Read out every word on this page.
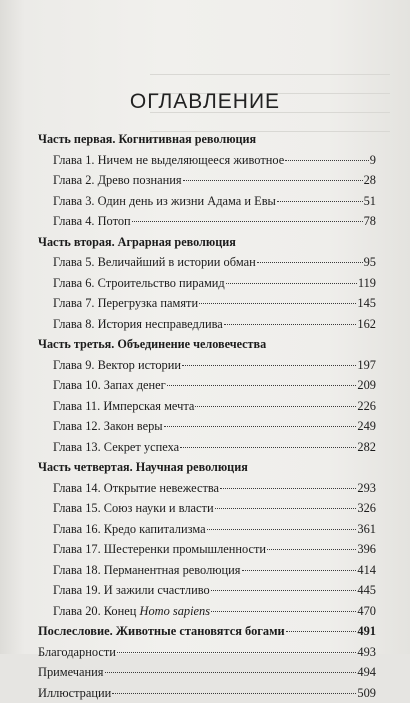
ОГЛАВЛЕНИЕ
Часть первая. Когнитивная революция
Глава 1. Ничем не выделяющееся животное	9
Глава 2. Древо познания	28
Глава 3. Один день из жизни Адама и Евы	51
Глава 4. Потоп	78
Часть вторая. Аграрная революция
Глава 5. Величайший в истории обман	95
Глава 6. Строительство пирамид	119
Глава 7. Перегрузка памяти	145
Глава 8. История несправедлива	162
Часть третья. Объединение человечества
Глава 9. Вектор истории	197
Глава 10. Запах денег	209
Глава 11. Имперская мечта	226
Глава 12. Закон веры	249
Глава 13. Секрет успеха	282
Часть четвертая. Научная революция
Глава 14. Открытие невежества	293
Глава 15. Союз науки и власти	326
Глава 16. Кредо капитализма	361
Глава 17. Шестеренки промышленности	396
Глава 18. Перманентная революция	414
Глава 19. И зажили счастливо	445
Глава 20. Конец Homo sapiens	470
Послесловие. Животные становятся богами	491
Благодарности	493
Примечания	494
Иллюстрации	509
